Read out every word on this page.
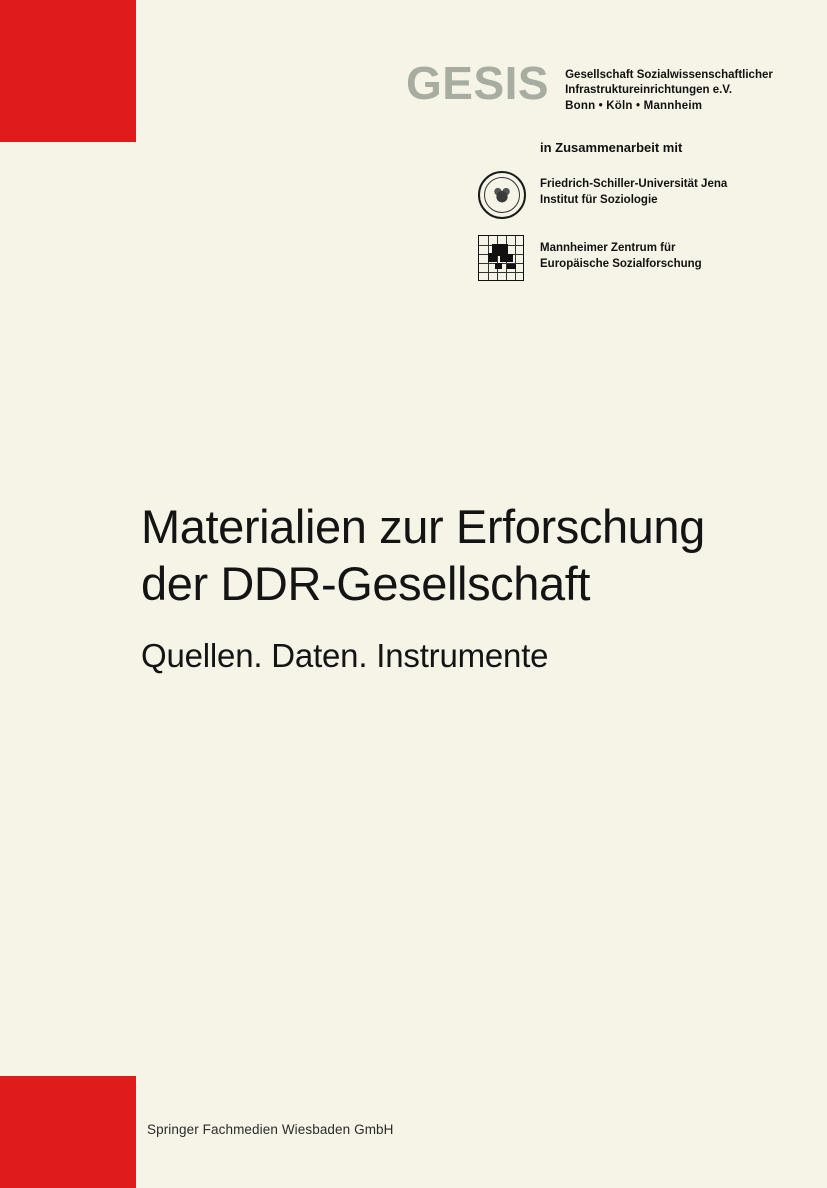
GESIS Gesellschaft Sozialwissenschaftlicher
Infrastruktureinrichtungen e.V.
Bonn • Köln • Mannheim
in Zusammenarbeit mit
Friedrich-Schiller-Universität Jena
Institut für Soziologie
Mannheimer Zentrum für
Europäische Sozialforschung
Materialien zur Erforschung
der DDR-Gesellschaft
Quellen. Daten. Instrumente
Springer Fachmedien Wiesbaden GmbH
